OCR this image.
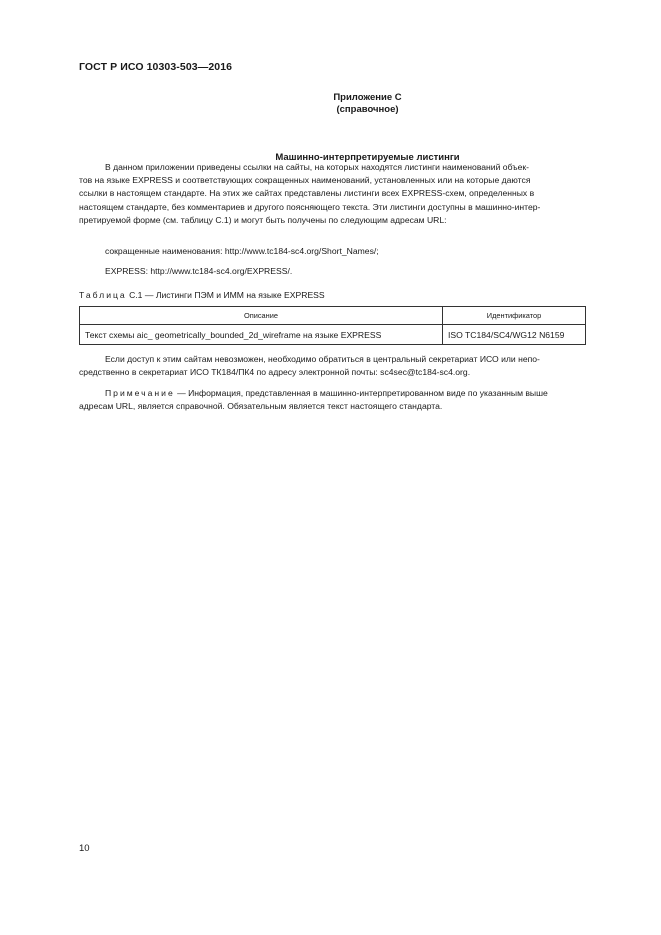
ГОСТ Р ИСО 10303-503—2016
Приложение С
(справочное)
Машинно-интерпретируемые листинги
В данном приложении приведены ссылки на сайты, на которых находятся листинги наименований объек-
тов на языке EXPRESS и соответствующих сокращенных наименований, установленных или на которые даются
ссылки в настоящем стандарте. На этих же сайтах представлены листинги всех EXPRESS-схем, определенных в
настоящем стандарте, без комментариев и другого поясняющего текста. Эти листинги доступны в машинно-интер-
претируемой форме (см. таблицу С.1) и могут быть получены по следующим адресам URL:
сокращенные наименования: http://www.tc184-sc4.org/Short_Names/;
EXPRESS: http://www.tc184-sc4.org/EXPRESS/.
Таблица С.1 — Листинги ПЭМ и ИММ на языке EXPRESS
Описание	Идентификатор
Текст схемы aic_ geometrically_bounded_2d_wireframe на языке EXPRESS	ISO TC184/SC4/WG12 N6159
Если доступ к этим сайтам невозможен, необходимо обратиться в центральный секретариат ИСО или непо-
средственно в секретариат ИСО ТК184/ПК4 по адресу электронной почты: sc4sec@tc184-sc4.org.
Примечание — Информация, представленная в машинно-интерпретированном виде по указанным выше
адресам URL, является справочной. Обязательным является текст настоящего стандарта.
10
